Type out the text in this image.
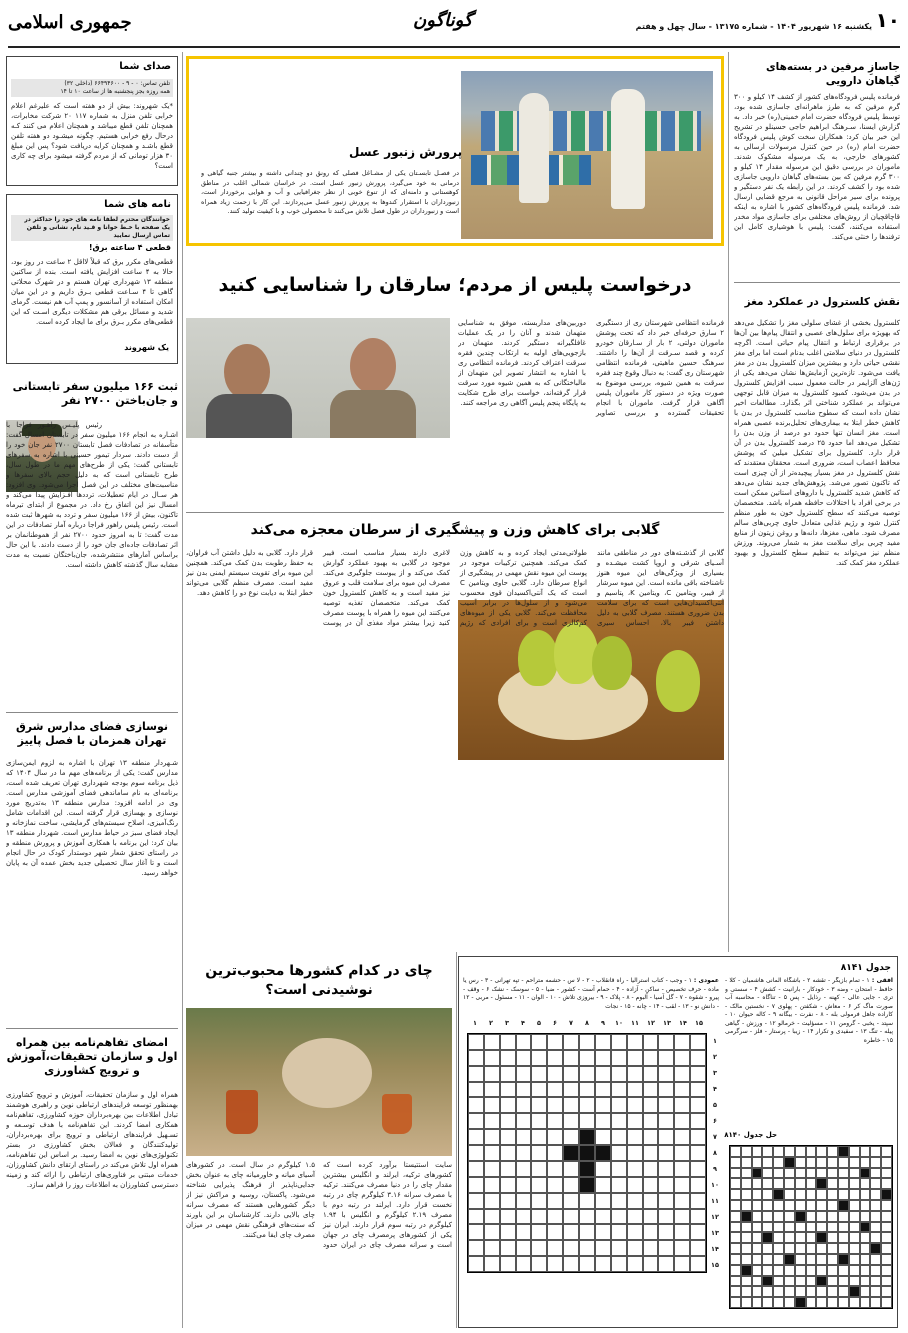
۱۰
یکشنبه ۱۶ شهریور ۱۴۰۴ - شماره ۱۳۱۷۵ - سال چهل و هفتم
گوناگون
جمهوری اسلامی
صدای شما
تلفن تماس: ۰ - ۹ - ۶۶۴۹۴۶۰۰ (داخلی ۳۲)
همه روزه بجز پنجشنبه ها از ساعت ۱۰ تا ۱۴
*یک شهروند: بیش از دو هفته است که علیرغم اعلام خرابی تلفن منزل به شماره ۱۱۷ ۲۰ شرکت مخابرات، همچنان تلفن قطع میباشد و همچنان اعلام می کنند کـه درحال رفع خرابی هستیم. چگونه میشـود دو هفته تلفن قطع باشـد و همچنان کرایه دریافت شود؟ پس این مبلغ ۳۰ هزار تومانی که از مردم گرفته میشود برای چه کاری است؟
نامه های شما
خوانندگان محترم لطفا نامه های خود را حداکثر در یک صفحه با خـط خوانا و قـید نام، نشانی و تلفن تماس ارسال نمایید
قطعی ۴ ساعته برق!
قطعی‌های مکرر برق که قبلاً لااقل ۲ ساعت در روز بود، حالا به ۴ ساعت افزایش یافته است. بنده از ساکنین منطقه ۱۳ شهرداری تهران هستم و در شهرک محلاتی گاهی تا ۴ سـاعت قطعی بـرق داریم و در این میان امکان استفاده از آسانسور و پمپ آب هم نیست. گرمای شدید و مسائل برقی هم مشکلات دیگری اسـت که این قطعی‌های مکرر بـرق برای ما ایجاد کرده است.
یک شهروند
ثبت ۱۶۶ میلیون سفر تابستانی و جان‌باختن ۲۷۰۰ نفر
رئیس پلیـس راهـور فراجا با اشـاره به انجام ۱۶۶ میلیون سفر در تابستان امسال گفت: متأسفانه در تصادفات فصل تابستان ۲۷۰۰ نفر جان خود را از دست دادند. سردار تیمور حسینی با اشاره به سفرهای تابستانی گفت: یکی از طرح‌های مهم ما در طول سال، طرح تابستانی است که به دلیل حجم بالای سفرها و مناسبت‌های مختلف در این فصل اجرا می‌شود. وی افزود: هر سـال در ایام تعطیلات، ترددها افـزایش پیدا می‌کند و امسال نیز این اتفاق رخ داد. در مجموع از ابتدای تیرماه تاکنون، بیش از ۱۶۶ میلیون سفر و تردد به شهرها ثبت شده است. رئیس پلیس راهور فراجا درباره آمار تصادفات در این مدت گفت: تا به امروز حدود ۲۷۰۰ نفر از هموطنانمان بر اثر تصادفات جاده‌ای جان خود را از دست دادند. با این حال براساس آمارهای منتشرشده، جان‌باختگان نسبت به مدت مشابه سال گذشته کاهش داشته است.
نوسازی فضای مدارس شرق تهران همزمان با فصل پاییز
شـهردار منطقه ۱۳ تهران با اشاره به لزوم ایمن‌سازی مدارس گفت: یکی از برنامه‌های مهم ما در سال ۱۴۰۴ که ذیل برنامه سوم بودجه شهرداری تهران تعریف شده است، برنامه‌ای به نام ساماندهی فضای آموزشی مدارس است. وی در ادامه افزود: مدارس منطقه ۱۳ به‌تدریج مورد نوسازی و بهسازی قرار گرفته است. این اقدامات شامل رنگ‌آمیزی، اصلاح سیستم‌های گرمایشی، ساخت نمازخانه و ایجاد فضای سبز در حیاط مدارس است. شهردار منطقه ۱۳ بیان کرد: این برنامه با همکاری آموزش و پرورش منطقه و در راستای تحقق شعار شهر دوستدار کودک در حال انجام است و تا آغاز سال تحصیلی جدید بخش عمده آن به پایان خواهد رسید.
امضای تفاهم‌نامه بین همراه اول و سازمان تحقیقات،آموزش و ترویج کشاورزی
همراه اول و سازمان تحقیقات، آموزش و ترویج کشاورزی بهمنظور توسعه فرایندهای ارتباطی نوین و راهبری هوشمند تبادل اطلاعات بین بهره‌برداران حوزه کشاورزی، تفاهم‌نامه همکاری امضا کردند. این تفاهم‌نامه با هدف توسـعه و تسـهیل فرایندهای ارتباطی و ترویج برای بهره‌برداران، تولیدکنندگان و فعالان بخش کشاورزی در بستر تکنولوژی‌های نوین به امضا رسید. بر اساس این تفاهم‌نامه، همراه اول تلاش می‌کند در راستای ارتقای دانش کشاورزان، خدمات مبتنی بر فناوری‌های ارتباطی را ارائه کند و زمینه دسترسی کشاورزان به اطلاعات روز را فراهم سازد.
پرورش زنبور عسل
در فصـل تابسـتان یکی از مشـاغل فصلی که رونق دو چندانی داشته و بیشتر جنبه گیاهی و درمانی به خود می‌گیرد، پرورش زنبور عسل است. در خراسان شمالی اغلب در مناطق کوهستانی و دامنه‌ای که از تنوع خوبی از نظر جغرافیایی و آب و هوایی برخوردار است، زنبورداران با استقرار کندوها به پرورش زنبور عسل می‌پردازند. این کار با زحمت زیاد همراه است و زنبورداران در طول فصل تلاش می‌کنند تا محصولی خوب و با کیفیت تولید کنند.
درخواست پلیس از مردم؛ سارقان را شناسایی کنید
فرمانده انتظامی شهرستان ری از دستگیری ۲ سارق حرفه‌ای خبر داد که تحت پوشش ماموران دولتی، ۲ بار از سـارقان خودرو کرده و قصد سـرقت از آن‌ها را داشتند. سرهنگ حسین ماهیتی، فرمانده انتظامی شهرستان ری گفت: به دنبال وقوع چند فقره سرقت به همین شیوه، بررسی موضوع به صورت ویژه در دستور کار ماموران پلیس آگاهی قرار گرفت. ماموران با انجام تحقیقات گسترده و بررسی تصاویر دوربین‌های مداربسته، موفق به شناسایی متهمان شدند و آنان را در یک عملیات غافلگیرانه دستگیر کردند. متهمان در بازجویی‌های اولیه به ارتکاب چندین فقره سرقت اعتراف کردند. فرمانده انتظامی ری با اشاره به انتشار تصویر این متهمان از مالباختگانی که به همین شیوه مورد سرقت قرار گرفته‌اند، خواست برای طرح شکایت به پایگاه پنجم پلیس آگاهی ری مراجعه کنند.
گلابی برای کاهش وزن و پیشگیری از سرطان معجزه می‌کند
گلابی از گذشـته‌های دور در مناطقی مانند آسـیای شرقی و اروپا کشت میشـده و بسیاری از ویژگی‌های این میوه هنوز ناشناخته باقی مانده است. این میوه سرشار از فیبر، ویتامین C، ویتامین K، پتاسیم و آنتی‌اکسیدان‌هایی است که برای سلامت بدن ضروری هستند. مصرف گلابی به دلیل داشتن فیبر بالا، احساس سیری طولانی‌مدتی ایجاد کرده و به کاهش وزن کمک می‌کند. همچنین ترکیبات موجود در پوست این میوه نقش مهمی در پیشگیری از انواع سرطان دارد. گلابی حاوی ویتامین C است که یک آنتی‌اکسیدان قوی محسوب می‌شود و از سلول‌ها در برابر آسیب محافظت می‌کند. گلابی یکی از میوه‌های کم‌کالری است و برای افرادی که رژیم لاغری دارند بسیار مناسب است. فیبر موجود در گلابی به بهبود عملکرد گوارش کمک می‌کند و از یبوست جلوگیری می‌کند. مصرف این میوه برای سلامت قلب و عروق نیز مفید است و به کاهش کلسترول خون کمک می‌کند. متخصصان تغذیه توصیه می‌کنند این میوه را همراه با پوست مصرف کنید زیرا بیشتر مواد مغذی آن در پوست قرار دارد. گلابی به دلیل داشتن آب فراوان، به حفظ رطوبت بدن کمک می‌کند. همچنین این میوه برای تقویت سیستم ایمنی بدن نیز مفید است. مصرف منظم گلابی می‌تواند خطر ابتلا به دیابت نوع دو را کاهش دهد.
چای در کدام کشورها محبوب‌ترین نوشیدنی است؟
سایت استتیستا برآورد کرده است که کشورهای ترکیه، ایرلند و انگلیس بیشترین مقدار چای را در دنیا مصرف می‌کنند. ترکیه با مصرف سرانه ۳.۱۶ کیلوگرم چای در رتبه نخست قرار دارد. ایرلند در رتبه دوم با مصرف ۲.۱۹ کیلوگرم و انگلیس با ۱.۹۴ کیلوگرم در رتبه سوم قرار دارند. ایران نیز یکی از کشورهای پرمصرف چای در جهان است و سرانه مصرف چای در ایران حدود ۱.۵ کیلوگرم در سال است. در کشورهای آسیای میانه و خاورمیانه چای به عنوان بخش جدایی‌ناپذیر از فرهنگ پذیرایی شناخته می‌شود. پاکستان، روسیه و مراکش نیز از دیگر کشورهایی هستند که مصرف سرانه چای بالایی دارند. کارشناسان بر این باورند که سنت‌های فرهنگی نقش مهمی در میزان مصرف چای ایفا می‌کنند.
جدول ۸۱۴۱
افقی : ۱ - تمام بازیگر - تقشه ۲ - باشگاه آلمانی هاشمیان - کلا - حافظ - امتحان - وضه ۳ - خودکار - بارانیت - کشش ۴ - سستی و تری - جایی عالی - کهنه - رذایل - پس ۵ - تناگاه - محاسبه آب صورت ماگ کر ۶ - معاش - شکفتن - پهلوی ۷ - نخستین مالک - کاراده جاهل فرمولی بله - ۸ - نفرت - بیگانه ۹ - کاله حیوان ۱۰ - سپتد - یخبی - گرومن ۱۱ - مسؤلیت - خرمالو ۱۲ - ورزش - گیاهی پیله - تنگ ۱۳ - سفیدی و تکرار ۱۴ - زیبا - پرستار - فلز - سرگرمی ۱۵ - خاطره
عمودی : ۱ - وجب - کتاب استرالیا - راه قانقلاب - ۲ - لا س - حشمه متراحم - تپه تهرانی - ۳ - رس یا ماده - حرف تخصیص - ساکن - آزاده - ۴ - حمام آست - کشور - ضیا - ۵ - سوسک - نشک ۶ - وقف - پیرو - شقوه - ۷ - گل آسیا - آلبوم - ۸ - پلاک - ۹ - بیروزی تلاش - ۱۰ - الوان - ۱۱ - مسئول - مربی - ۱۲ - دانش نو - ۱۳ - لقب - ۱۴ - چانه - ۱۵ - نجات
۱۵
۱۴
۱۳
۱۲
۱۱
۱۰
۹
۸
۷
۶
۵
۴
۳
۲
۱
۱
۲
۳
۴
۵
۶
۷
۸
۹
۱۰
۱۱
۱۲
۱۳
۱۴
۱۵
حل جدول ۸۱۴۰
جاسازِ مرفین در بسته‌های گیاهان دارویی
فرمانده پلیس فرودگاه‌های کشور از کشف ۱۴ کیلو و ۳۰۰ گرم مرفین که به طرز ماهرانه‌ای جاسازی شده بود، توسط پلیس فرودگاه حضرت امام خمینی(ره) خبر داد. به گزارش ایسنا، سـرهنگ ابراهیم حاجی حسینلو در تشریح این خبر بیان کرد: همکاران سخت کوش پلیس فرودگاه حضرت امام (ره) در حین کنترل مرسولات ارسالی به کشورهای خارجی، به یک مرسوله مشکوک شدند. ماموران در بررسی دقیق این مرسوله مقدار ۱۴ کیلو و ۳۰۰ گرم مرفین که بین بسته‌های گیاهان دارویی جاسازی شده بود را کشف کردند. در این رابطه یک نفر دستگیر و پرونده برای سیر مراحل قانونی به مرجع قضایی ارسال شد. فرمانده پلیس فرودگاه‌های کشور با اشاره به اینکه قاچاقچیان از روش‌های مختلفی برای جاسازی مواد مخدر استفاده می‌کنند، گفت: پلیس با هوشیاری کامل این ترفندها را خنثی می‌کند.
نقش کلسترول در عملکرد مغز
کلسترول بخشی از غشای سلولی مغز را تشکیل می‌دهد که بهویژه برای سلول‌های عصبی و انتقال پیام‌ها بین آن‌ها در برقراری ارتباط و انتقال پیام حیاتی است. اگرچه کلسترول در دنیای سلامتی اغلب بدنام است اما برای مغز نقشی حیاتی دارد و بیشترین میزان کلسترول بدن در مغز یافت می‌شود. تازه‌ترین آزمایش‌ها نشان می‌دهد یکی از ژن‌های آلزایمر در حالت معمول سبب افزایش کلسترول در بدن می‌شود. کمبود کلسترول به میزان قابل توجهی می‌تواند بر عملکرد شناختی اثر بگذارد. مطالعات اخیر نشان داده است که سطوح مناسب کلسترول در بدن با کاهش خطر ابتلا به بیماری‌های تحلیل‌برنده عصبی همراه است. مغز انسان تنها حدود دو درصد از وزن بدن را تشکیل می‌دهد اما حدود ۲۵ درصد کلسترول بدن در آن قرار دارد. کلسترول برای تشکیل میلین که پوشش محافظ اعصاب است، ضروری است. محققان معتقدند که نقش کلسترول در مغز بسیار پیچیده‌تر از آن چیزی است که تاکنون تصور می‌شد. پژوهش‌های جدید نشان می‌دهد که کاهش شدید کلسترول با داروهای استاتین ممکن است در برخی افراد با اختلالات حافظه همراه باشد. متخصصان توصیه می‌کنند که سطح کلسترول خون به طور منظم کنترل شود و رژیم غذایی متعادل حاوی چربی‌های سالم مصرف شود. ماهی، مغزها، دانه‌ها و روغن زیتون از منابع مفید چربی برای سلامت مغز به شمار می‌روند. ورزش منظم نیز می‌تواند به تنظیم سطح کلسترول و بهبود عملکرد مغز کمک کند.
